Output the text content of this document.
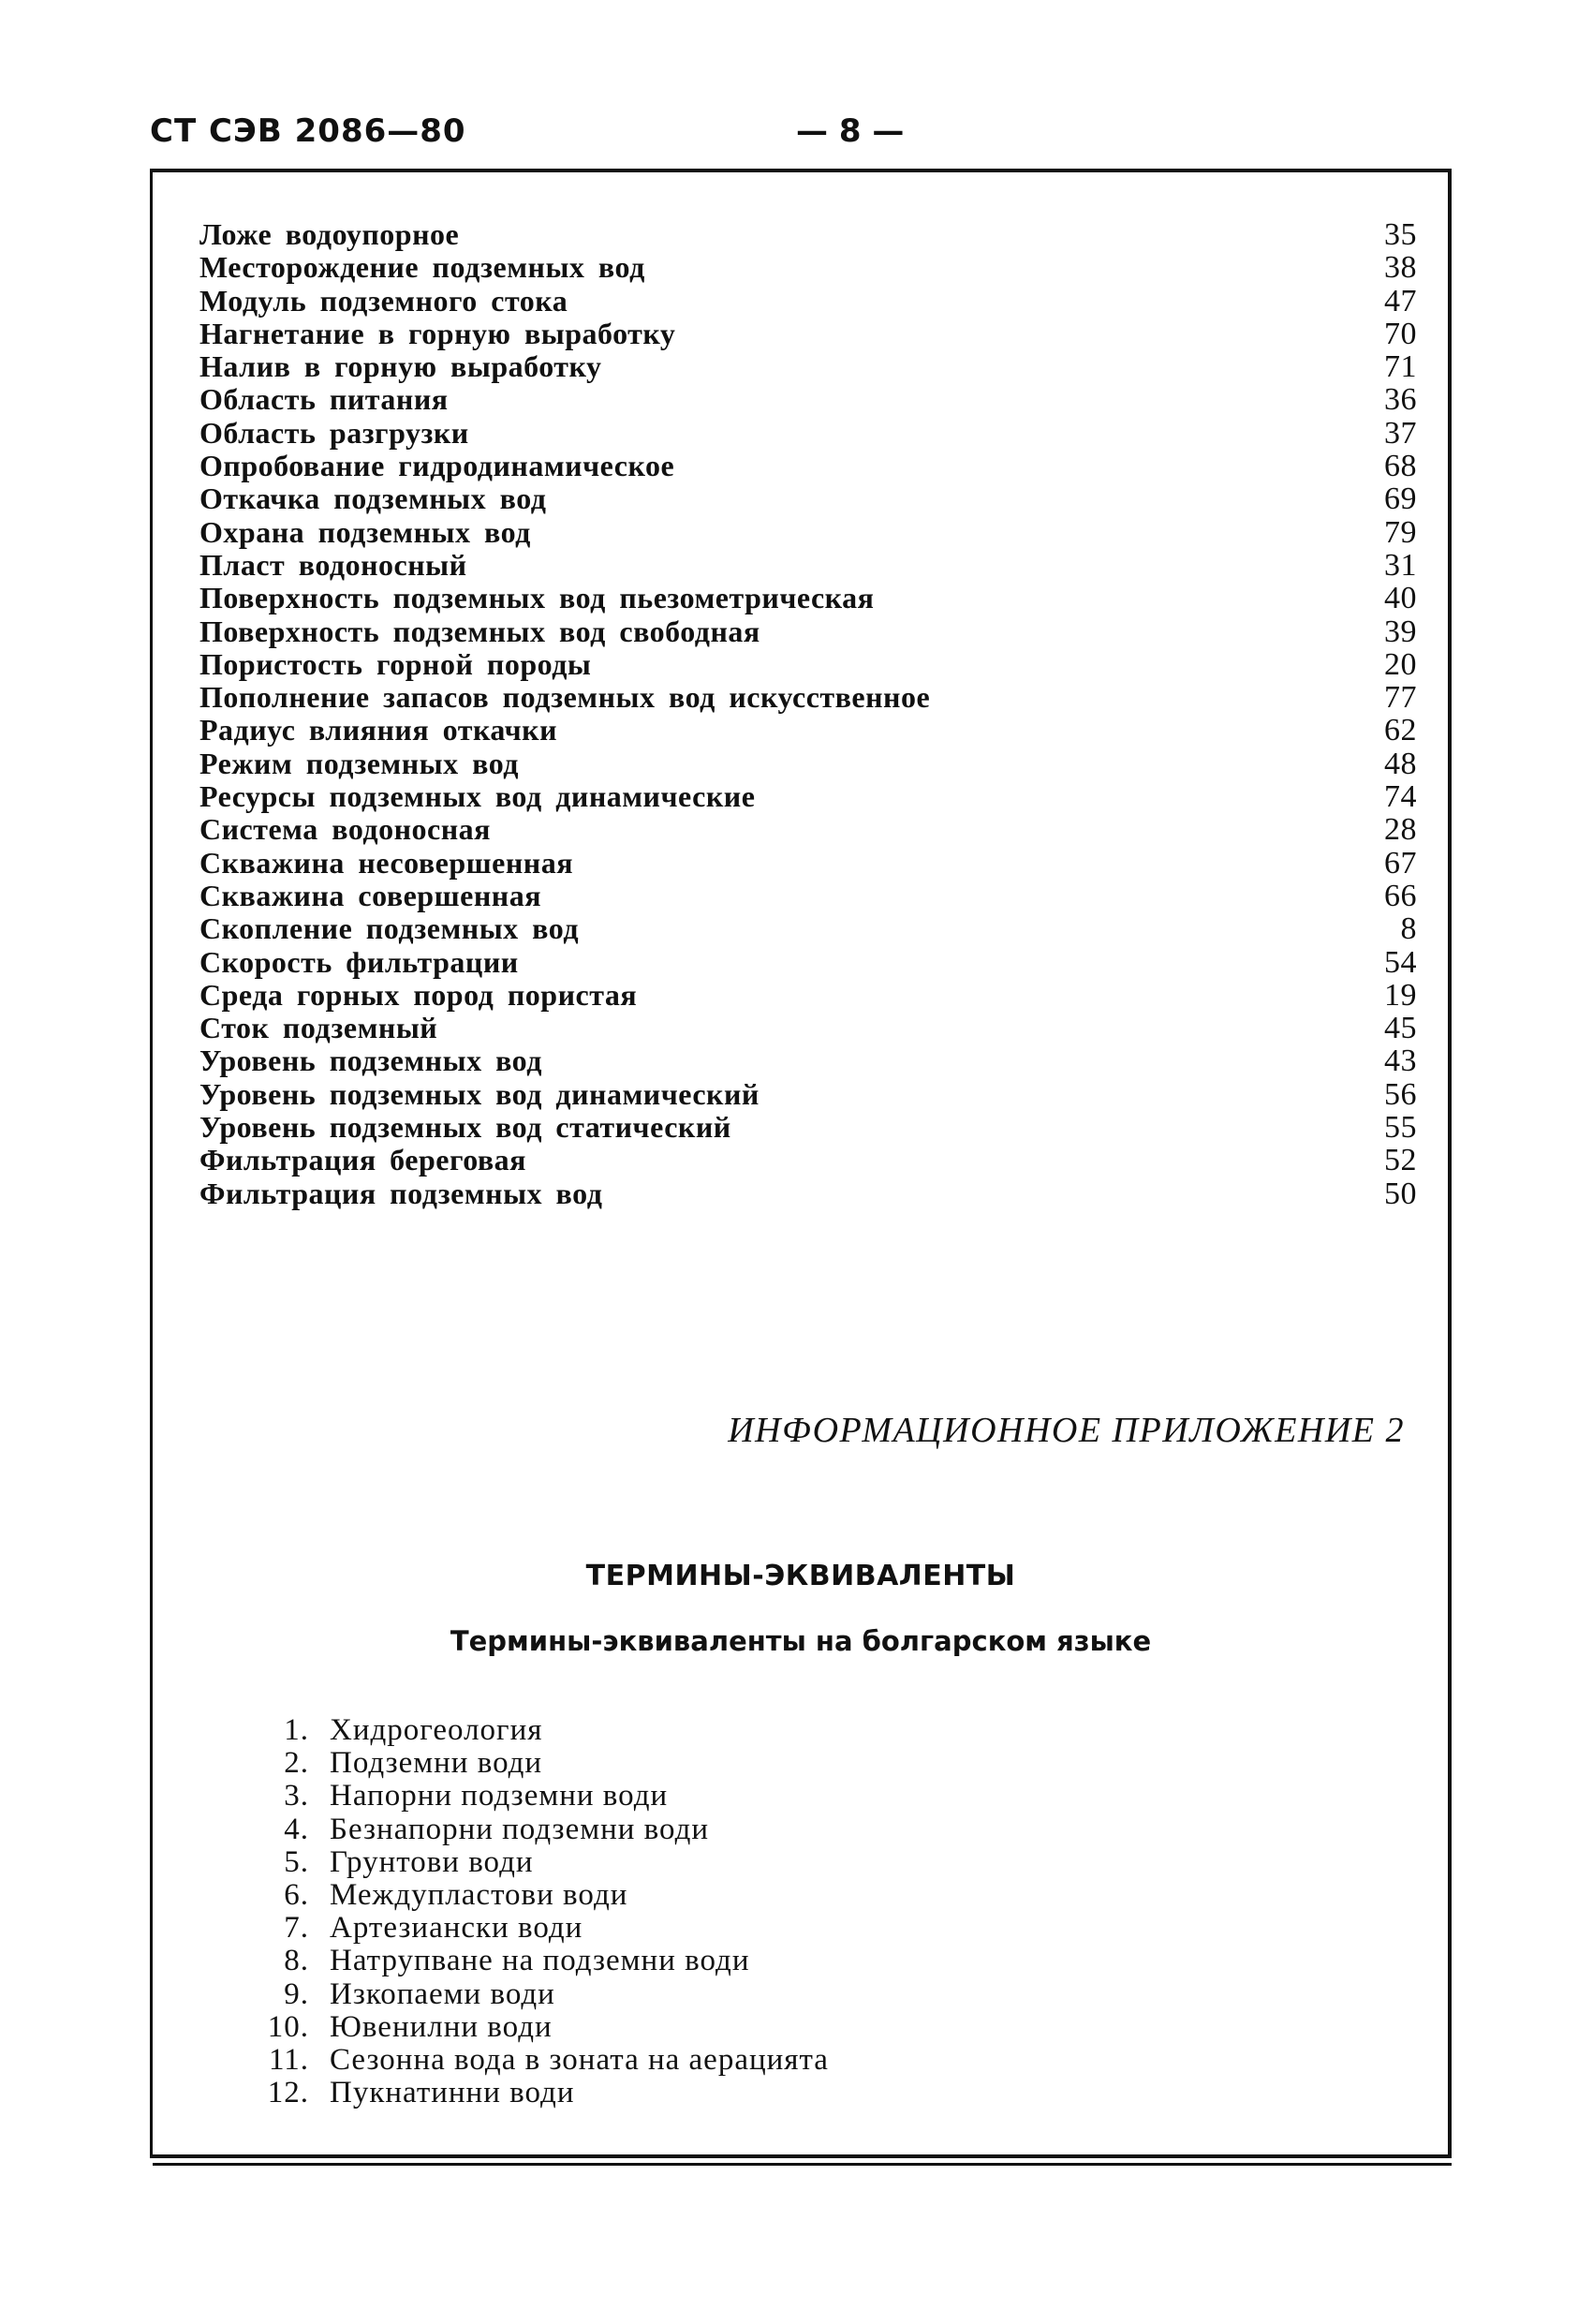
СТ СЭВ 2086—80	— 8 —
Ложе водоупорное	35
Месторождение подземных вод	38
Модуль подземного стока	47
Нагнетание в горную выработку	70
Налив в горную выработку	71
Область питания	36
Область разгрузки	37
Опробование гидродинамическое	68
Откачка подземных вод	69
Охрана подземных вод	79
Пласт водоносный	31
Поверхность подземных вод пьезометрическая	40
Поверхность подземных вод свободная	39
Пористость горной породы	20
Пополнение запасов подземных вод искусственное	77
Радиус влияния откачки	62
Режим подземных вод	48
Ресурсы подземных вод динамические	74
Система водоносная	28
Скважина несовершенная	67
Скважина совершенная	66
Скопление подземных вод	8
Скорость фильтрации	54
Среда горных пород пористая	19
Сток подземный	45
Уровень подземных вод	43
Уровень подземных вод динамический	56
Уровень подземных вод статический	55
Фильтрация береговая	52
Фильтрация подземных вод	50
ИНФОРМАЦИОННОЕ ПРИЛОЖЕНИЕ 2
ТЕРМИНЫ-ЭКВИВАЛЕНТЫ
Термины-эквиваленты на болгарском языке
1. Хидрогеология
2. Подземни води
3. Напорни подземни води
4. Безнапорни подземни води
5. Грунтови води
6. Междупластови води
7. Артезиански води
8. Натрупване на подземни води
9. Изкопаеми води
10. Ювенилни води
11. Сезонна вода в зоната на аерацията
12. Пукнатинни води
